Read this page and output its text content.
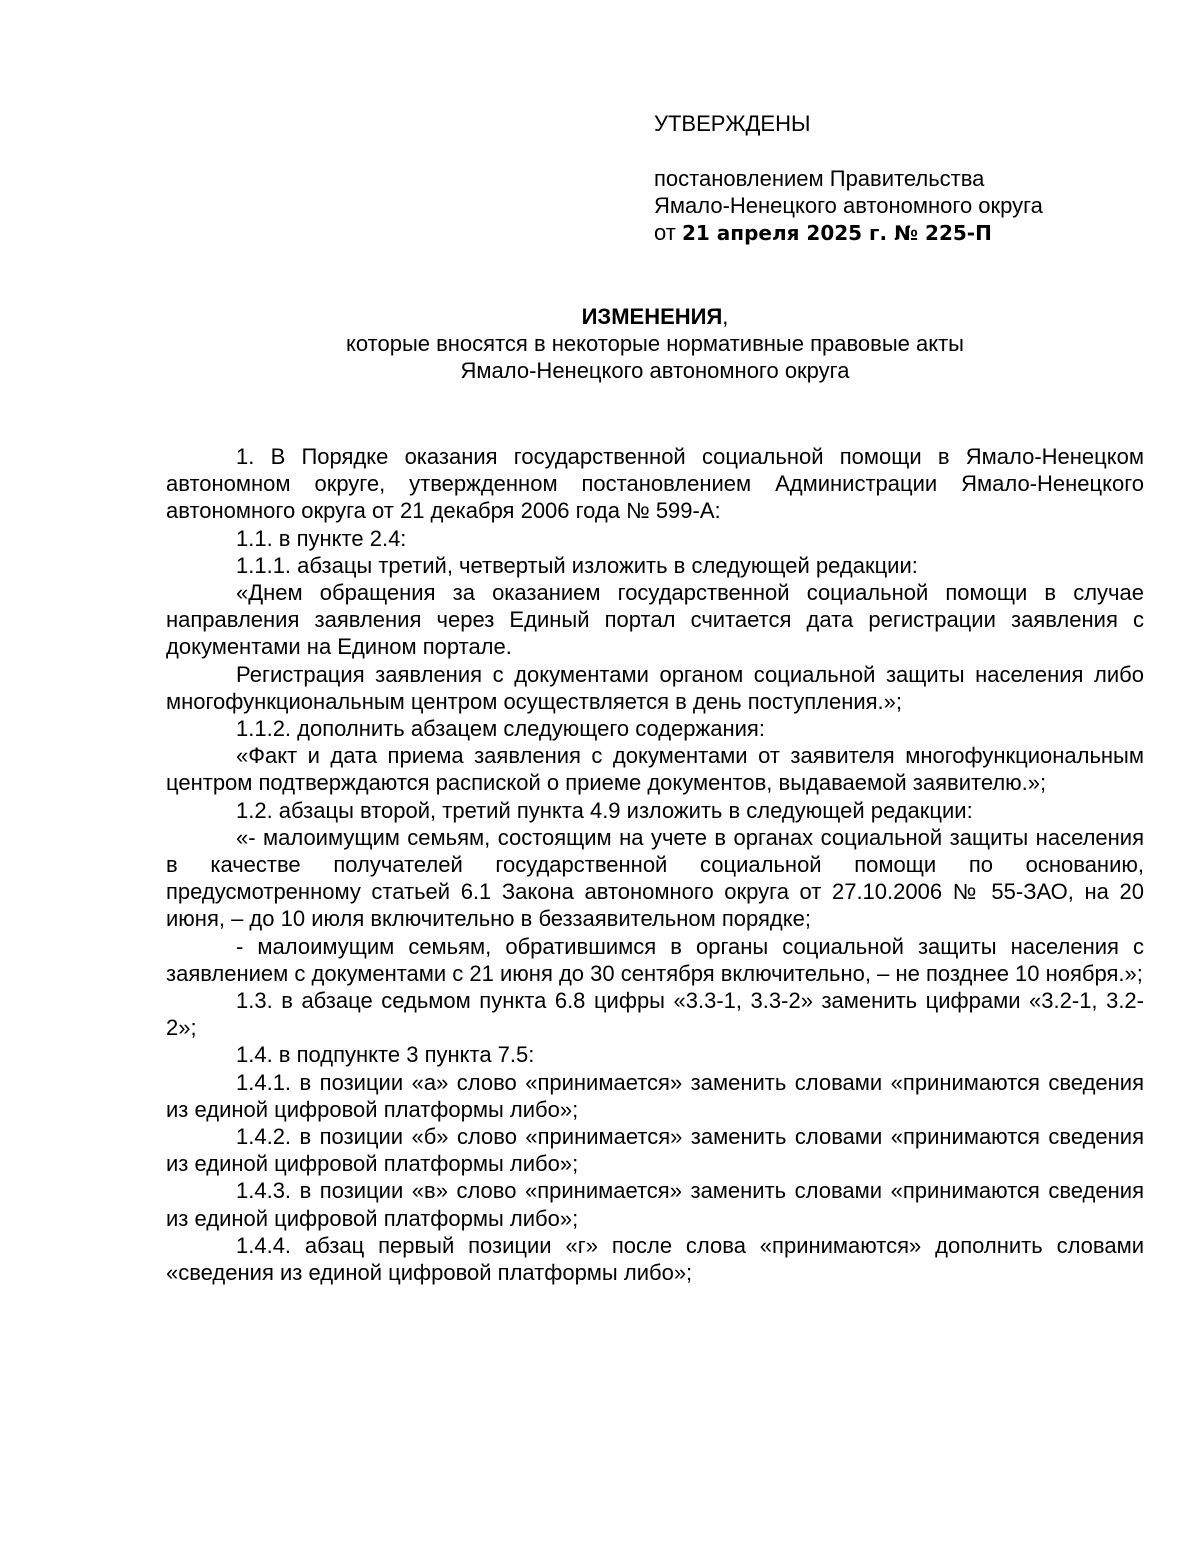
УТВЕРЖДЕНЫ
постановлением Правительства
Ямало-Ненецкого автономного округа
от 21 апреля 2025 г. № 225-П
ИЗМЕНЕНИЯ,
которые вносятся в некоторые нормативные правовые акты
Ямало-Ненецкого автономного округа

1. В Порядке оказания государственной социальной помощи в Ямало-Ненецком автономном округе, утвержденном постановлением Администрации Ямало-Ненецкого автономного округа от 21 декабря 2006 года № 599-А:

1.1. в пункте 2.4:

1.1.1. абзацы третий, четвертый изложить в следующей редакции:

«Днем обращения за оказанием государственной социальной помощи в случае направления заявления через Единый портал считается дата регистрации заявления с документами на Едином портале.

Регистрация заявления с документами органом социальной защиты населения либо многофункциональным центром осуществляется в день поступления.»;

1.1.2. дополнить абзацем следующего содержания:

«Факт и дата приема заявления с документами от заявителя многофункциональным центром подтверждаются распиской о приеме документов, выдаваемой заявителю.»;

1.2. абзацы второй, третий пункта 4.9 изложить в следующей редакции:

«- малоимущим семьям, состоящим на учете в органах социальной защиты населения в качестве получателей государственной социальной помощи по основанию, предусмотренному статьей 6.1 Закона автономного округа от 27.10.2006 № 55-ЗАО, на 20 июня, – до 10 июля включительно в беззаявительном порядке;

- малоимущим семьям, обратившимся в органы социальной защиты населения с заявлением с документами с 21 июня до 30 сентября включительно, – не позднее 10 ноября.»;

1.3. в абзаце седьмом пункта 6.8 цифры «3.3-1, 3.3-2» заменить цифрами «3.2-1, 3.2-2»;

1.4. в подпункте 3 пункта 7.5:

1.4.1. в позиции «а» слово «принимается» заменить словами «принимаются сведения из единой цифровой платформы либо»;

1.4.2. в позиции «б» слово «принимается» заменить словами «принимаются сведения из единой цифровой платформы либо»;

1.4.3. в позиции «в» слово «принимается» заменить словами «принимаются сведения из единой цифровой платформы либо»;

1.4.4. абзац первый позиции «г» после слова «принимаются» дополнить словами «сведения из единой цифровой платформы либо»;
